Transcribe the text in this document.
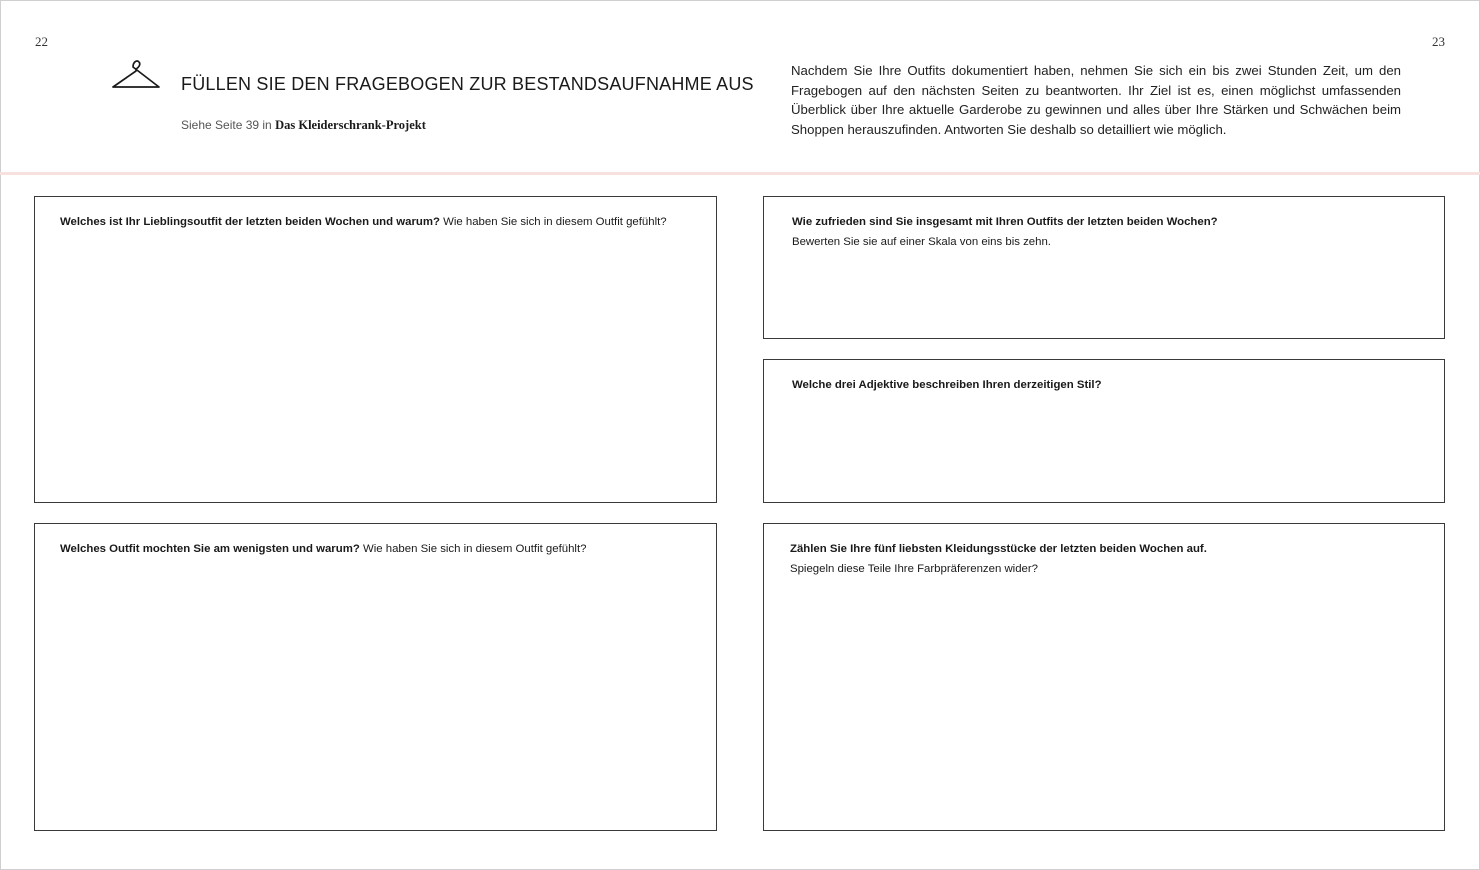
22	23
FÜLLEN SIE DEN FRAGEBOGEN ZUR BESTANDSAUFNAHME AUS
Siehe Seite 39 in Das Kleiderschrank-Projekt
Nachdem Sie Ihre Outfits dokumentiert haben, nehmen Sie sich ein bis zwei Stunden Zeit, um den Fragebogen auf den nächsten Seiten zu beantworten. Ihr Ziel ist es, einen möglichst umfassenden Überblick über Ihre aktuelle Garderobe zu gewinnen und alles über Ihre Stärken und Schwächen beim Shoppen herauszufinden. Antworten Sie deshalb so detailliert wie möglich.
Welches ist Ihr Lieblingsoutfit der letzten beiden Wochen und warum? Wie haben Sie sich in diesem Outfit gefühlt?
Welches Outfit mochten Sie am wenigsten und warum? Wie haben Sie sich in diesem Outfit gefühlt?
Wie zufrieden sind Sie insgesamt mit Ihren Outfits der letzten beiden Wochen?
Bewerten Sie sie auf einer Skala von eins bis zehn.
Welche drei Adjektive beschreiben Ihren derzeitigen Stil?
Zählen Sie Ihre fünf liebsten Kleidungsstücke der letzten beiden Wochen auf.
Spiegeln diese Teile Ihre Farbpräferenzen wider?
